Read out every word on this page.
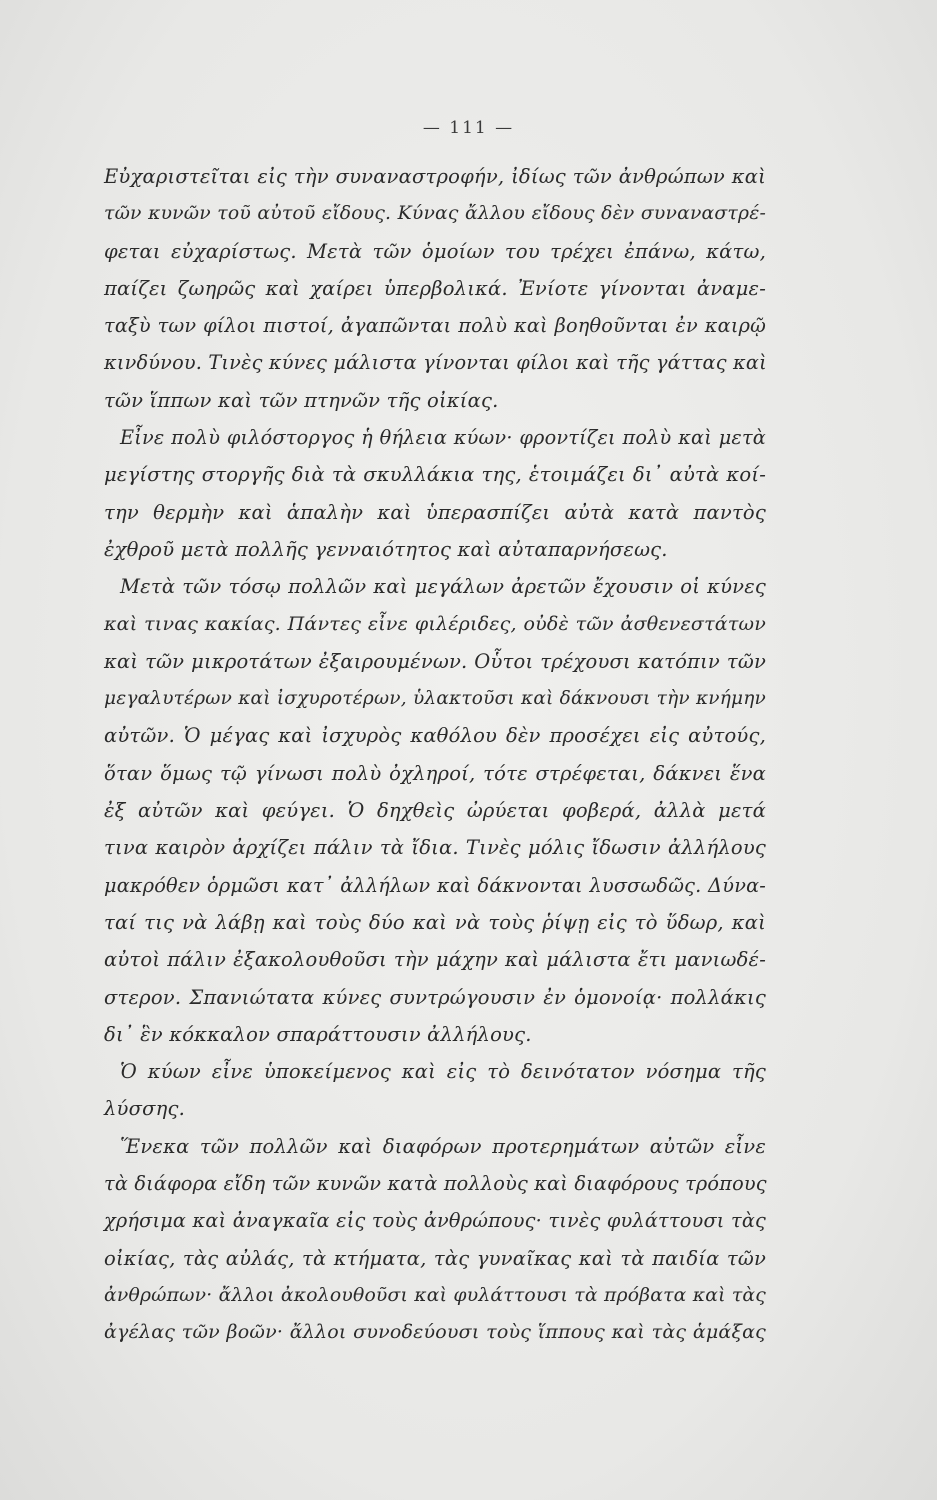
— 111 —
Εὐχαριστεῖται εἰς τὴν συναναστροφήν, ἰδίως τῶν ἀνθρώπων καὶ
τῶν κυνῶν τοῦ αὐτοῦ εἴδους. Κύνας ἄλλου εἴδους δὲν συναναστρέ-
φεται εὐχαρίστως. Μετὰ τῶν ὁμοίων του τρέχει ἐπάνω, κάτω,
παίζει ζωηρῶς καὶ χαίρει ὑπερβολικά. Ἐνίοτε γίνονται ἀναμε-
ταξὺ των φίλοι πιστοί, ἀγαπῶνται πολὺ καὶ βοηθοῦνται ἐν καιρῷ
κινδύνου. Τινὲς κύνες μάλιστα γίνονται φίλοι καὶ τῆς γάττας καὶ
τῶν ἵππων καὶ τῶν πτηνῶν τῆς οἰκίας.
Εἶνε πολὺ φιλόστοργος ἡ θήλεια κύων· φροντίζει πολὺ καὶ μετὰ
μεγίστης στοργῆς διὰ τὰ σκυλλάκια της, ἑτοιμάζει δι᾽ αὐτὰ κοί-
την θερμὴν καὶ ἁπαλὴν καὶ ὑπερασπίζει αὐτὰ κατὰ παντὸς
ἐχθροῦ μετὰ πολλῆς γενναιότητος καὶ αὐταπαρνήσεως.
Μετὰ τῶν τόσῳ πολλῶν καὶ μεγάλων ἀρετῶν ἔχουσιν οἱ κύνες
καὶ τινας κακίας. Πάντες εἶνε φιλέριδες, οὐδὲ τῶν ἀσθενεστάτων
καὶ τῶν μικροτάτων ἐξαιρουμένων. Οὗτοι τρέχουσι κατόπιν τῶν
μεγαλυτέρων καὶ ἰσχυροτέρων, ὑλακτοῦσι καὶ δάκνουσι τὴν κνήμην
αὐτῶν. Ὁ μέγας καὶ ἰσχυρὸς καθόλου δὲν προσέχει εἰς αὐτούς,
ὅταν ὅμως τῷ γίνωσι πολὺ ὀχληροί, τότε στρέφεται, δάκνει ἕνα
ἐξ αὐτῶν καὶ φεύγει. Ὁ δηχθεὶς ὠρύεται φοβερά, ἀλλὰ μετά
τινα καιρὸν ἀρχίζει πάλιν τὰ ἴδια. Τινὲς μόλις ἴδωσιν ἀλλήλους
μακρόθεν ὁρμῶσι κατ᾽ ἀλλήλων καὶ δάκνονται λυσσωδῶς. Δύνα-
ταί τις νὰ λάβῃ καὶ τοὺς δύο καὶ νὰ τοὺς ῥίψῃ εἰς τὸ ὕδωρ, καὶ
αὐτοὶ πάλιν ἐξακολουθοῦσι τὴν μάχην καὶ μάλιστα ἔτι μανιωδέ-
στερον. Σπανιώτατα κύνες συντρώγουσιν ἐν ὁμονοίᾳ· πολλάκις
δι᾽ ἓν κόκκαλον σπαράττουσιν ἀλλήλους.
Ὁ κύων εἶνε ὑποκείμενος καὶ εἰς τὸ δεινότατον νόσημα τῆς
λύσσης.
Ἕνεκα τῶν πολλῶν καὶ διαφόρων προτερημάτων αὐτῶν εἶνε
τὰ διάφορα εἴδη τῶν κυνῶν κατὰ πολλοὺς καὶ διαφόρους τρόπους
χρήσιμα καὶ ἀναγκαῖα εἰς τοὺς ἀνθρώπους· τινὲς φυλάττουσι τὰς
οἰκίας, τὰς αὐλάς, τὰ κτήματα, τὰς γυναῖκας καὶ τὰ παιδία τῶν
ἀνθρώπων· ἄλλοι ἀκολουθοῦσι καὶ φυλάττουσι τὰ πρόβατα καὶ τὰς
ἀγέλας τῶν βοῶν· ἄλλοι συνοδεύουσι τοὺς ἵππους καὶ τὰς ἁμάξας
